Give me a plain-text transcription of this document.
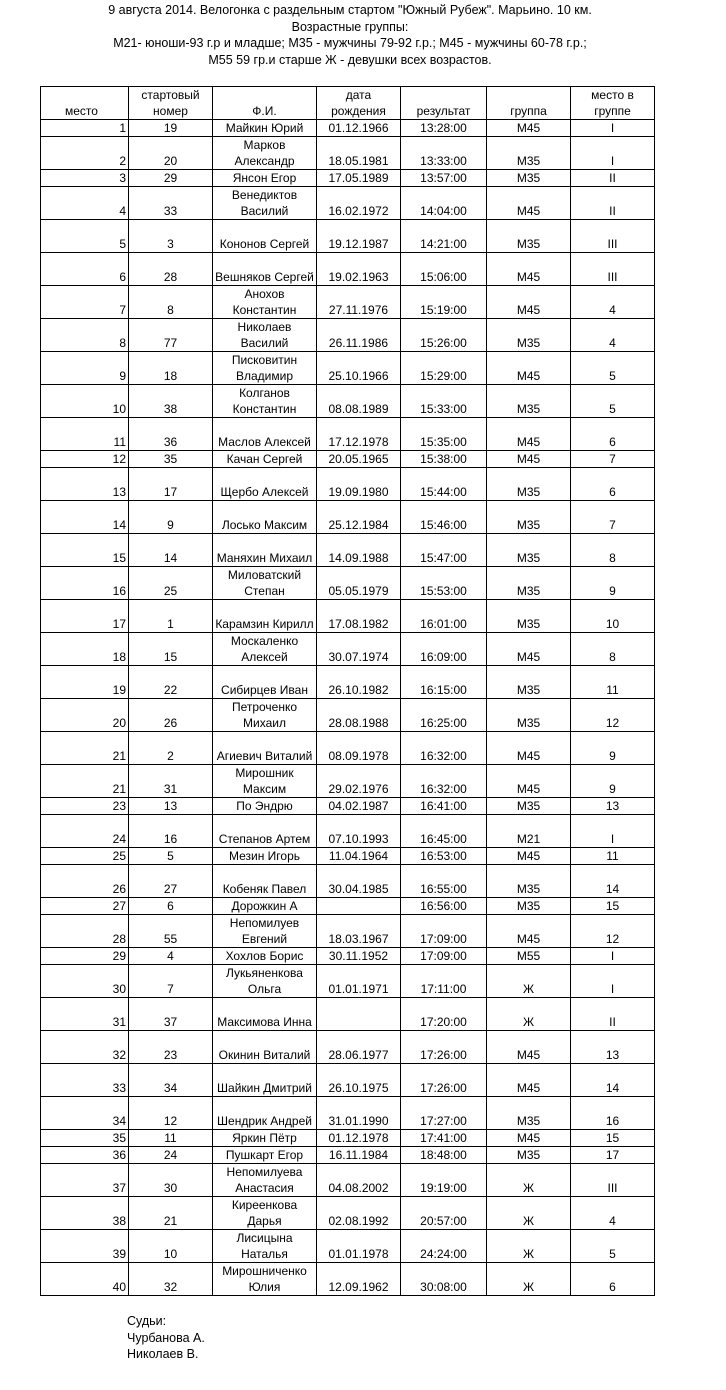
9 августа 2014. Велогонка с раздельным стартом "Южный Рубеж". Марьино. 10 км.
Возрастные группы:
М21- юноши-93 г.р и младше; М35 - мужчины 79-92 г.р.; М45 - мужчины 60-78 г.р.;
М55 59 гр.и старше Ж - девушки всех возрастов.
место	стартовый номер	Ф.И.	дата рождения	результат	группа	место в группе
1	19	Майкин Юрий	01.12.1966	13:28:00	М45	I
2	20	Марков Александр	18.05.1981	13:33:00	М35	I
3	29	Янсон Егор	17.05.1989	13:57:00	М35	II
4	33	Венедиктов Василий	16.02.1972	14:04:00	М45	II
5	3	Кононов Сергей	19.12.1987	14:21:00	М35	III
6	28	Вешняков Сергей	19.02.1963	15:06:00	М45	III
7	8	Анохов Константин	27.11.1976	15:19:00	М45	4
8	77	Николаев Василий	26.11.1986	15:26:00	М35	4
9	18	Писковитин Владимир	25.10.1966	15:29:00	М45	5
10	38	Колганов Константин	08.08.1989	15:33:00	М35	5
11	36	Маслов Алексей	17.12.1978	15:35:00	М45	6
12	35	Качан Сергей	20.05.1965	15:38:00	М45	7
13	17	Щербо Алексей	19.09.1980	15:44:00	М35	6
14	9	Лосько Максим	25.12.1984	15:46:00	М35	7
15	14	Маняхин Михаил	14.09.1988	15:47:00	М35	8
16	25	Миловатский Степан	05.05.1979	15:53:00	М35	9
17	1	Карамзин Кирилл	17.08.1982	16:01:00	М35	10
18	15	Москаленко Алексей	30.07.1974	16:09:00	М45	8
19	22	Сибирцев Иван	26.10.1982	16:15:00	М35	11
20	26	Петроченко Михаил	28.08.1988	16:25:00	М35	12
21	2	Агиевич Виталий	08.09.1978	16:32:00	М45	9
21	31	Мирошник Максим	29.02.1976	16:32:00	М45	9
23	13	По Эндрю	04.02.1987	16:41:00	М35	13
24	16	Степанов Артем	07.10.1993	16:45:00	М21	I
25	5	Мезин Игорь	11.04.1964	16:53:00	М45	11
26	27	Кобеняк Павел	30.04.1985	16:55:00	М35	14
27	6	Дорожкин А		16:56:00	М35	15
28	55	Непомилуев Евгений	18.03.1967	17:09:00	М45	12
29	4	Хохлов Борис	30.11.1952	17:09:00	М55	I
30	7	Лукьяненкова Ольга	01.01.1971	17:11:00	Ж	I
31	37	Максимова Инна		17:20:00	Ж	II
32	23	Окинин Виталий	28.06.1977	17:26:00	М45	13
33	34	Шайкин Дмитрий	26.10.1975	17:26:00	М45	14
34	12	Шендрик Андрей	31.01.1990	17:27:00	М35	16
35	11	Яркин Пётр	01.12.1978	17:41:00	М45	15
36	24	Пушкарт Егор	16.11.1984	18:48:00	М35	17
37	30	Непомилуева Анастасия	04.08.2002	19:19:00	Ж	III
38	21	Киреенкова Дарья	02.08.1992	20:57:00	Ж	4
39	10	Лисицына Наталья	01.01.1978	24:24:00	Ж	5
40	32	Мирошниченко Юлия	12.09.1962	30:08:00	Ж	6
Судьи:
Чурбанова А.
Николаев В.
